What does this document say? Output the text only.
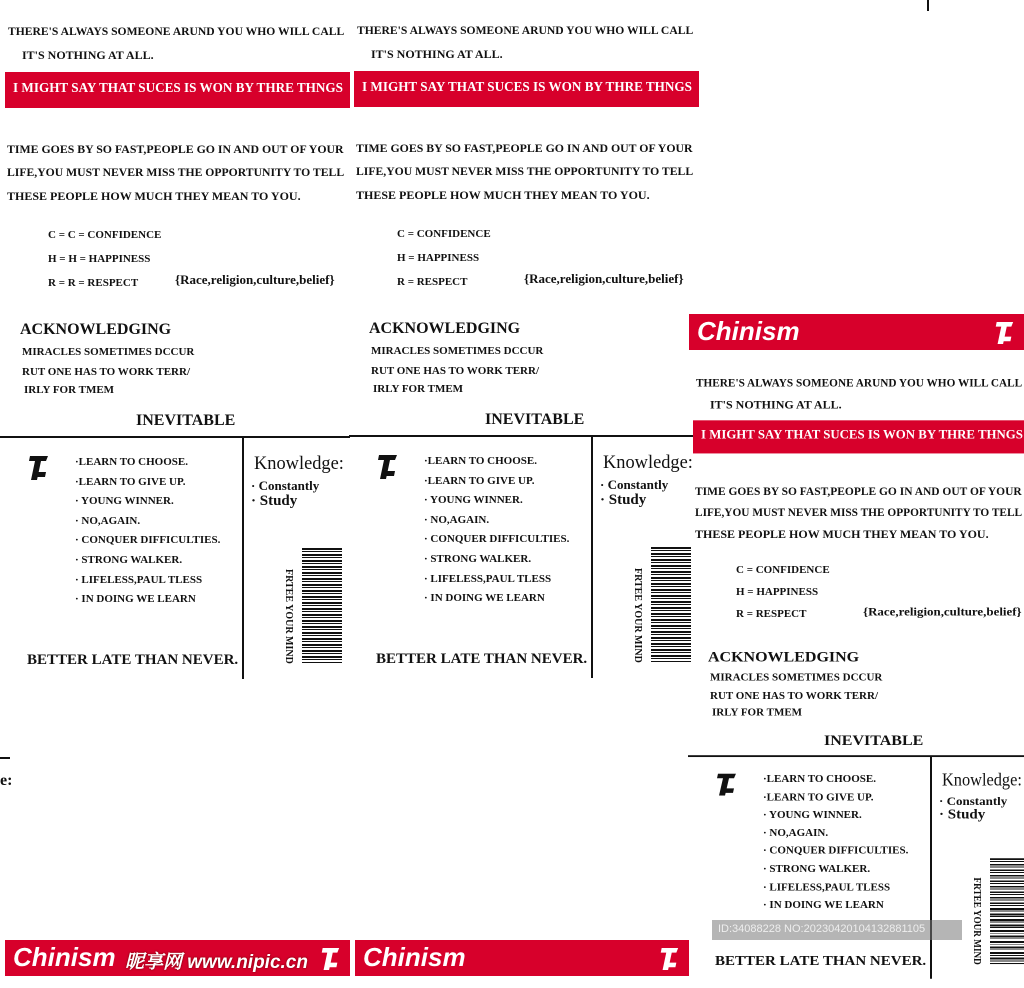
THERE'S ALWAYS SOMEONE ARUND YOU WHO WILL CALL
IT'S NOTHING AT ALL.
I MIGHT SAY THAT SUCES IS WON BY THRE THNGS
TIME GOES BY SO FAST,PEOPLE GO IN AND OUT OF YOUR
LIFE,YOU MUST NEVER MISS THE OPPORTUNITY TO TELL
THESE PEOPLE HOW MUCH THEY MEAN TO YOU.
C = C = CONFIDENCE
H = H = HAPPINESS
R = R = RESPECT	{Race,religion,culture,belief}
ACKNOWLEDGING
MIRACLES SOMETIMES DCCUR
RUT ONE HAS TO WORK TERR/
IRLY FOR TMEM
INEVITABLE
·LEARN TO CHOOSE.
·LEARN TO GIVE UP.
· YOUNG WINNER.
· NO,AGAIN.
· CONQUER DIFFICULTIES.
· STRONG WALKER.
· LIFELESS,PAUL TLESS
· IN DOING WE LEARN
Knowledge:
· Constantly
· Study
FRTEE YOUR MIND
BETTER LATE THAN NEVER.
THERE'S ALWAYS SOMEONE ARUND YOU WHO WILL CALL
IT'S NOTHING AT ALL.
I MIGHT SAY THAT SUCES IS WON BY THRE THNGS
TIME GOES BY SO FAST,PEOPLE GO IN AND OUT OF YOUR
LIFE,YOU MUST NEVER MISS THE OPPORTUNITY TO TELL
THESE PEOPLE HOW MUCH THEY MEAN TO YOU.
C = CONFIDENCE
H = HAPPINESS
R = RESPECT	{Race,religion,culture,belief}
ACKNOWLEDGING
MIRACLES SOMETIMES DCCUR
RUT ONE HAS TO WORK TERR/
IRLY FOR TMEM
INEVITABLE
·LEARN TO CHOOSE.
·LEARN TO GIVE UP.
· YOUNG WINNER.
· NO,AGAIN.
· CONQUER DIFFICULTIES.
· STRONG WALKER.
· LIFELESS,PAUL TLESS
· IN DOING WE LEARN
Knowledge:
· Constantly
· Study
FRTEE YOUR MIND
BETTER LATE THAN NEVER.
THERE'S ALWAYS SOMEONE ARUND YOU WHO WILL CALL
IT'S NOTHING AT ALL.
I MIGHT SAY THAT SUCES IS WON BY THRE THNGS
TIME GOES BY SO FAST,PEOPLE GO IN AND OUT OF YOUR
LIFE,YOU MUST NEVER MISS THE OPPORTUNITY TO TELL
THESE PEOPLE HOW MUCH THEY MEAN TO YOU.
C = CONFIDENCE
H = HAPPINESS
R = RESPECT	{Race,religion,culture,belief}
ACKNOWLEDGING
MIRACLES SOMETIMES DCCUR
RUT ONE HAS TO WORK TERR/
IRLY FOR TMEM
INEVITABLE
·LEARN TO CHOOSE.
·LEARN TO GIVE UP.
· YOUNG WINNER.
· NO,AGAIN.
· CONQUER DIFFICULTIES.
· STRONG WALKER.
· LIFELESS,PAUL TLESS
· IN DOING WE LEARN
Knowledge:
· Constantly
· Study
FRTEE YOUR MIND
BETTER LATE THAN NEVER.
e:
Chinism
Chinism	Chinism
昵享网 www.nipic.cn
ID:34088228 NO:20230420104132881105
